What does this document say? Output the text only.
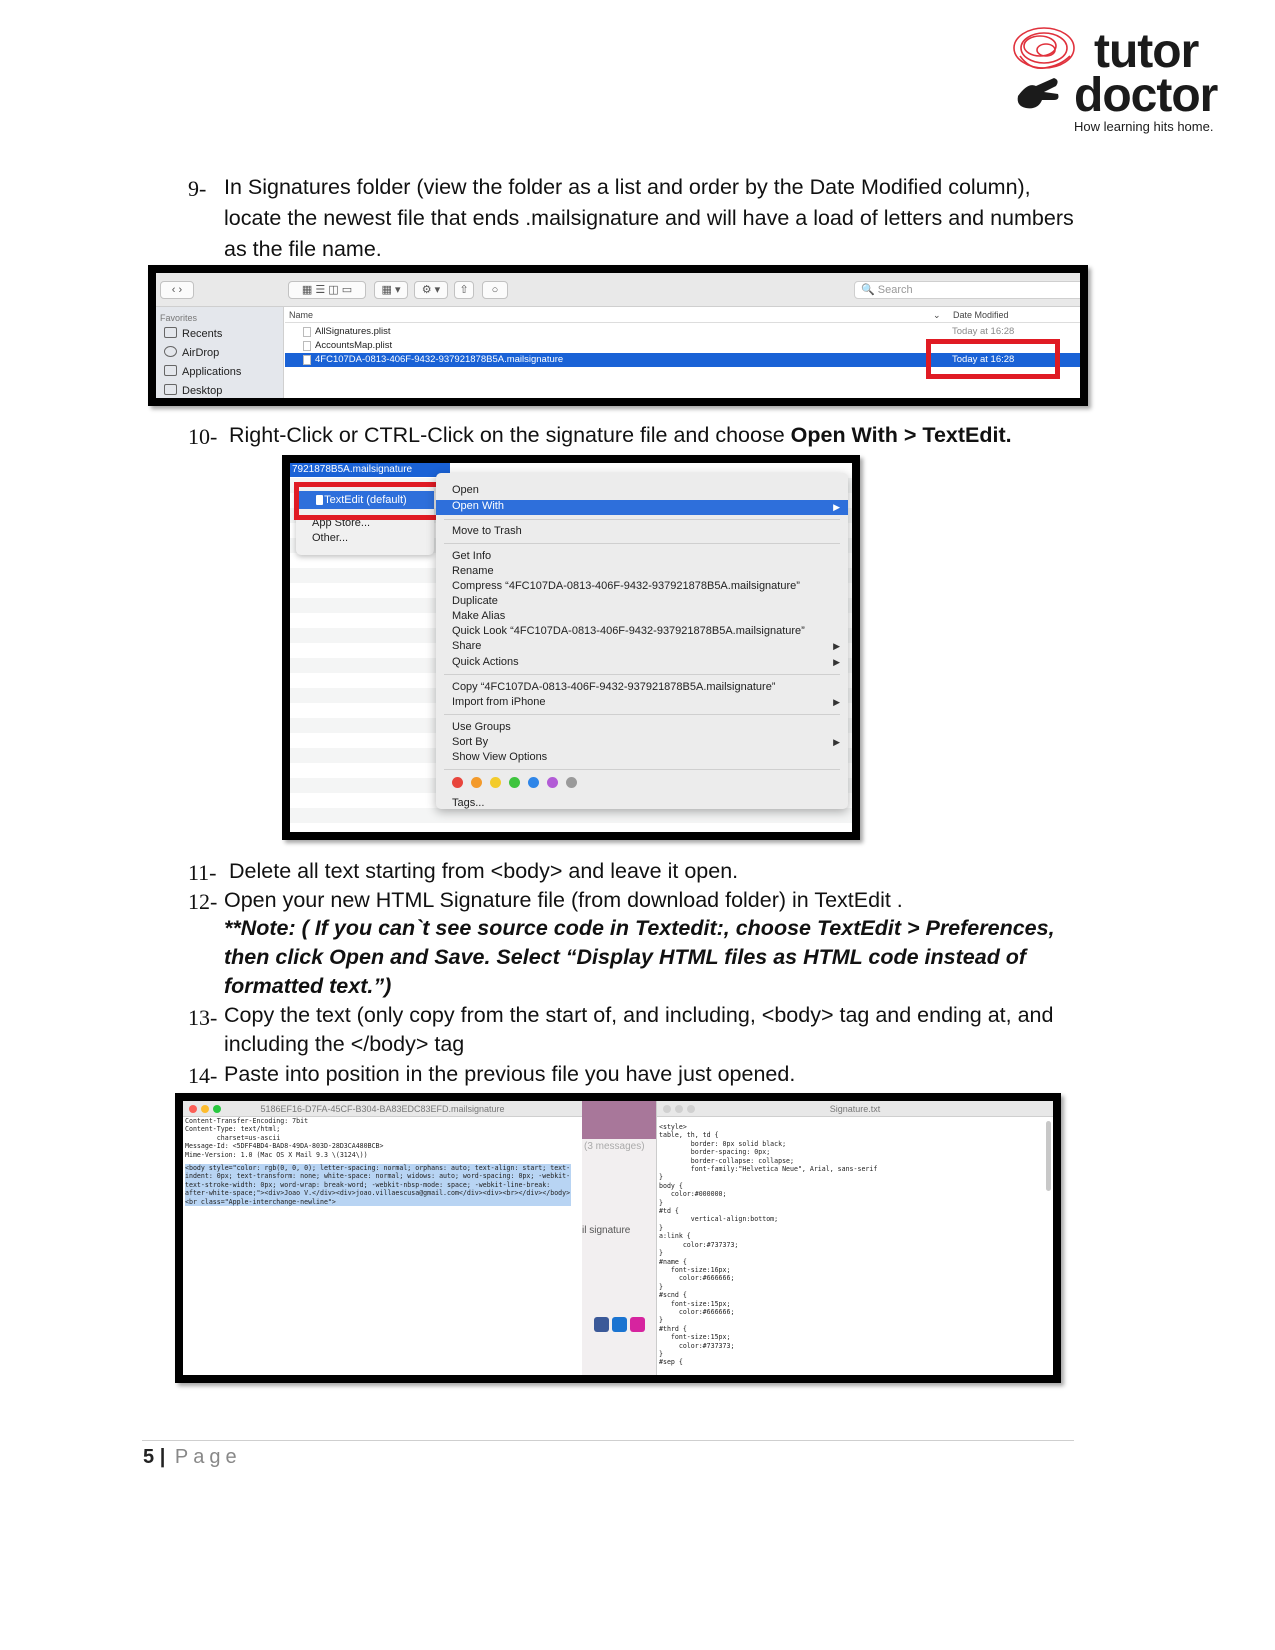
tutor
doctor
How learning hits home.
9- In Signatures folder (view the folder as a list and order by the Date Modified column), locate the newest file that ends .mailsignature and will have a load of letters and numbers as the file name.
‹ ›	▦ ☰ ◫ ▭	▦ ▾	⚙ ▾	⇧	○	🔍 Search
Favorites
Recents
AirDrop
Applications
Desktop
Name	⌄ Date Modified
AllSignatures.plist	Today at 16:28
AccountsMap.plist
4FC107DA-0813-406F-9432-937921878B5A.mailsignature	Today at 16:28
10- Right-Click or CTRL-Click on the signature file and choose Open With > TextEdit.
7921878B5A.mailsignature
TextEdit (default)
App Store...
Other...
Open
Open With	▶
Move to Trash
Get Info
Rename
Compress “4FC107DA-0813-406F-9432-937921878B5A.mailsignature”
Duplicate
Make Alias
Quick Look “4FC107DA-0813-406F-9432-937921878B5A.mailsignature”
Share	▶
Quick Actions	▶
Copy “4FC107DA-0813-406F-9432-937921878B5A.mailsignature”
Import from iPhone	▶
Use Groups
Sort By	▶
Show View Options
Tags...
11- Delete all text starting from <body> and leave it open.
12- Open your new HTML Signature file (from download folder) in TextEdit .
**Note: ( If you can`t see source code in Textedit:, choose TextEdit > Preferences, then click Open and Save. Select “Display HTML files as HTML code instead of formatted text.”)
13- Copy the text (only copy from the start of, and including, <body> tag and ending at, and including the </body> tag
14- Paste into position in the previous file you have just opened.
5186EF16-D7FA-45CF-B304-BA83EDC83EFD.mailsignature
Content-Transfer-Encoding: 7bit
Content-Type: text/html;
	charset=us-ascii
Message-Id: <5DFF4BD4-BAD8-49DA-803D-28D3CA480BCB>
Mime-Version: 1.0 (Mac OS X Mail 9.3 \(3124\))
<body style="color: rgb(0, 0, 0); letter-spacing: normal; orphans: auto; text-align: start; text-indent: 0px; text-transform: none; white-space: normal; widows: auto; word-spacing: 0px; -webkit-text-stroke-width: 0px; word-wrap: break-word; -webkit-nbsp-mode: space; -webkit-line-break: after-white-space;"><div>Joao V.</div><div>joao.villaescusa@gmail.com</div><div><br></div></body><br class="Apple-interchange-newline">
(3 messages)
il signature
Signature.txt
<style>
table, th, td {
border: 0px solid black;
border-spacing: 0px;
border-collapse: collapse;
font-family:"Helvetica Neue", Arial, sans-serif
}
body {
color:#000000;
}
#td {
vertical-align:bottom;
}
a:link {
color:#737373;
}
#name {
font-size:16px;
color:#666666;
}
#scnd {
font-size:15px;
color:#666666;
}
#thrd {
font-size:15px;
color:#737373;
}
#sep {
5 | Page
